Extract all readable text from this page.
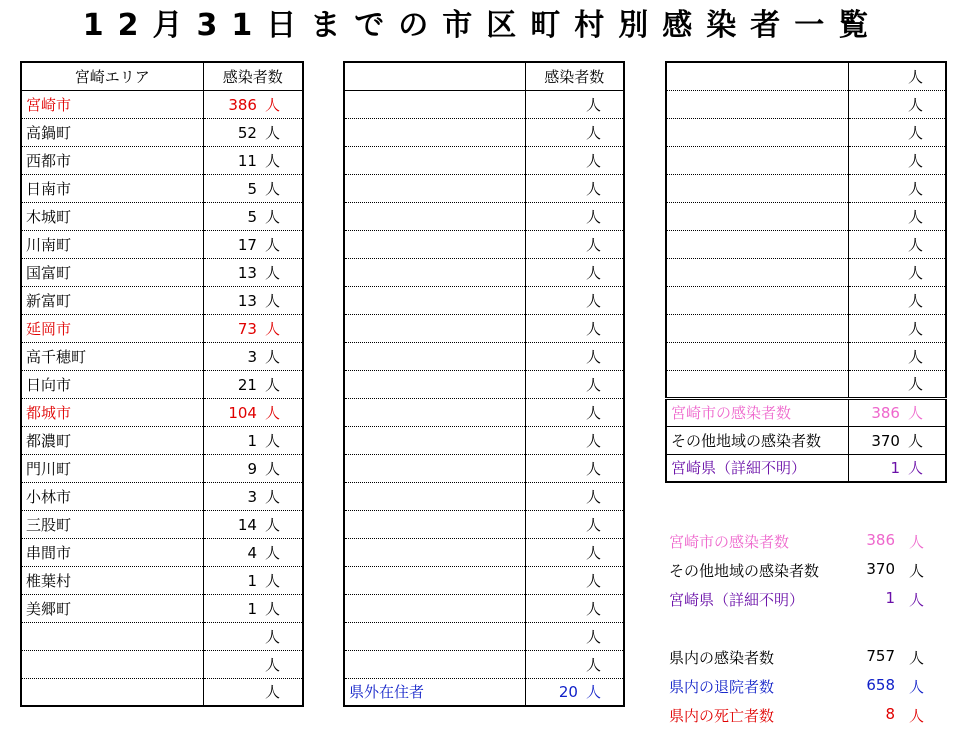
12月31日までの市区町村別感染者一覧
宮崎エリア	感染者数
宮崎市	386 人
高鍋町	52 人
西都市	11 人
日南市	5 人
木城町	5 人
川南町	17 人
国富町	13 人
新富町	13 人
延岡市	73 人
高千穂町	3 人
日向市	21 人
都城市	104 人
都濃町	1 人
門川町	9 人
小林市	3 人
三股町	14 人
串間市	4 人
椎葉村	1 人
美郷町	1 人
	人
	人
	人
	感染者数
	人
	人
	人
	人
	人
	人
	人
	人
	人
	人
	人
	人
	人
	人
	人
	人
	人
	人
	人
	人
	人
県外在住者	20 人
	人
	人
	人
	人
	人
	人
	人
	人
	人
	人
	人
	人
宮崎市の感染者数	386 人
その他地域の感染者数	370 人
宮崎県（詳細不明）	1 人
宮崎市の感染者数	386 人
その他地域の感染者数	370 人
宮崎県（詳細不明）	1 人
県内の感染者数	757 人
県内の退院者数	658 人
県内の死亡者数	8 人
